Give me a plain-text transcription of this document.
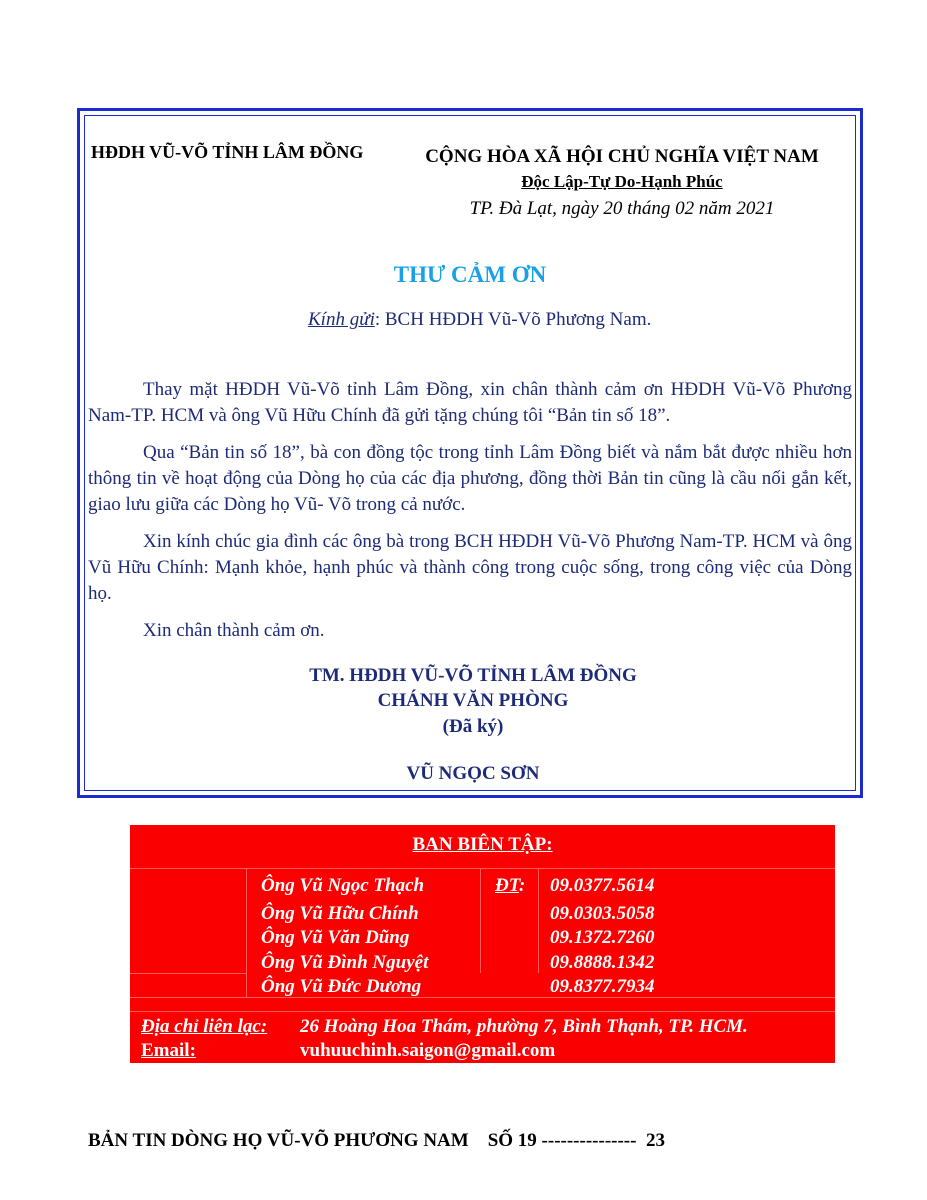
HĐDH VŨ-VÕ TỈNH LÂM ĐỒNG	CỘNG HÒA XÃ HỘI CHỦ NGHĨA VIỆT NAM
Độc Lập-Tự Do-Hạnh Phúc
TP. Đà Lạt, ngày 20 tháng 02 năm 2021
THƯ CẢM ƠN
Kính gửi: BCH HĐDH Vũ-Võ Phương Nam.
Thay mặt HĐDH Vũ-Võ tỉnh Lâm Đồng, xin chân thành cảm ơn HĐDH Vũ-Võ Phương Nam-TP. HCM và ông Vũ Hữu Chính đã gửi tặng chúng tôi “Bản tin số 18”.
Qua “Bản tin số 18”, bà con đồng tộc trong tỉnh Lâm Đồng biết và nắm bắt được nhiều hơn thông tin về hoạt động của Dòng họ của các địa phương, đồng thời Bản tin cũng là cầu nối gắn kết, giao lưu giữa các Dòng họ Vũ- Võ trong cả nước.
Xin kính chúc gia đình các ông bà trong BCH HĐDH Vũ-Võ Phương Nam-TP. HCM và ông Vũ Hữu Chính: Mạnh khỏe, hạnh phúc và thành công trong cuộc sống, trong công việc của Dòng họ.
Xin chân thành cảm ơn.
TM. HĐDH VŨ-VÕ TỈNH LÂM ĐỒNG
CHÁNH VĂN PHÒNG
(Đã ký)
VŨ NGỌC SƠN
BAN BIÊN TẬP:
Ông Vũ Ngọc Thạch	ĐT: 09.0377.5614
Ông Vũ Hữu Chính	09.0303.5058
Ông Vũ Văn Dũng	09.1372.7260
Ông Vũ Đình Nguyệt	09.8888.1342
Ông Vũ Đức Dương	09.8377.7934
Địa chỉ liên lạc: 26 Hoàng Hoa Thám, phường 7, Bình Thạnh, TP. HCM.
Email:	vuhuuchinh.saigon@gmail.com
BẢN TIN DÒNG HỌ VŨ-VÕ PHƯƠNG NAM    SỐ 19 ---------------  23
